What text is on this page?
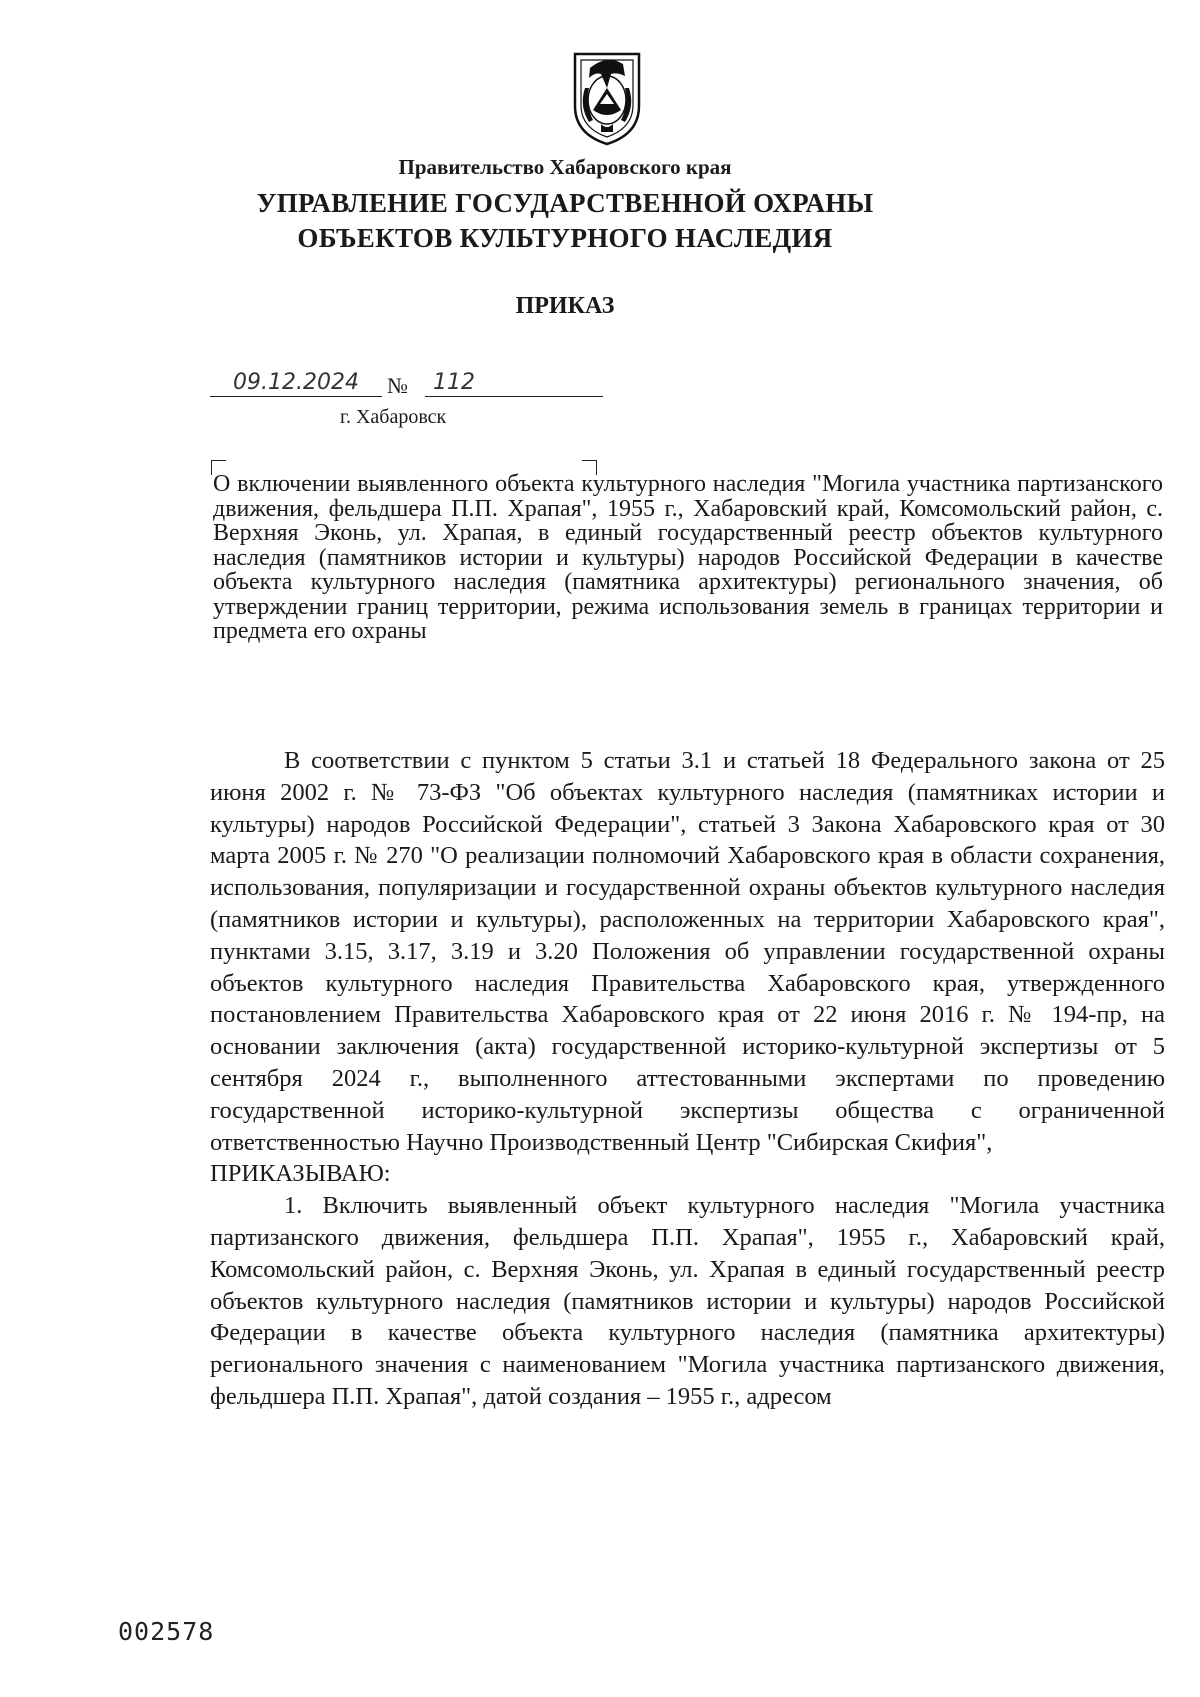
Правительство Хабаровского края
УПРАВЛЕНИЕ ГОСУДАРСТВЕННОЙ ОХРАНЫ
ОБЪЕКТОВ КУЛЬТУРНОГО НАСЛЕДИЯ
ПРИКАЗ
09.12.2024	№	112
г. Хабаровск
О включении выявленного объекта культурного наследия "Могила участника партизанского движения, фельдшера П.П. Храпая", 1955 г., Хабаровский край, Комсомольский район, с. Верхняя Эконь, ул. Храпая, в единый государственный реестр объектов культурного наследия (памятников истории и культуры) народов Российской Федерации в качестве объекта культурного наследия (памятника архитектуры) регионального значения, об утверждении границ территории, режима использования земель в границах территории и предмета его охраны

В соответствии с пунктом 5 статьи 3.1 и статьей 18 Федерального закона от 25 июня 2002 г. № 73-ФЗ "Об объектах культурного наследия (памятниках истории и культуры) народов Российской Федерации", статьей 3 Закона Хабаровского края от 30 марта 2005 г. № 270 "О реализации полномочий Хабаровского края в области сохранения, использования, популяризации и государственной охраны объектов культурного наследия (памятников истории и культуры), расположенных на территории Хабаровского края", пунктами 3.15, 3.17, 3.19 и 3.20 Положения об управлении государственной охраны объектов культурного наследия Правительства Хабаровского края, утвержденного постановлением Правительства Хабаровского края от 22 июня 2016 г. № 194-пр, на основании заключения (акта) государственной историко-культурной экспертизы от 5 сентября 2024 г., выполненного аттестованными экспертами по проведению государственной историко-культурной экспертизы общества с ограниченной ответственностью Научно Производственный Центр "Сибирская Скифия",

ПРИКАЗЫВАЮ:

1. Включить выявленный объект культурного наследия "Могила участника партизанского движения, фельдшера П.П. Храпая", 1955 г., Хабаровский край, Комсомольский район, с. Верхняя Эконь, ул. Храпая в единый государственный реестр объектов культурного наследия (памятников истории и культуры) народов Российской Федерации в качестве объекта культурного наследия (памятника архитектуры) регионального значения с наименованием "Могила участника партизанского движения, фельдшера П.П. Храпая", датой создания – 1955 г., адресом

002578
